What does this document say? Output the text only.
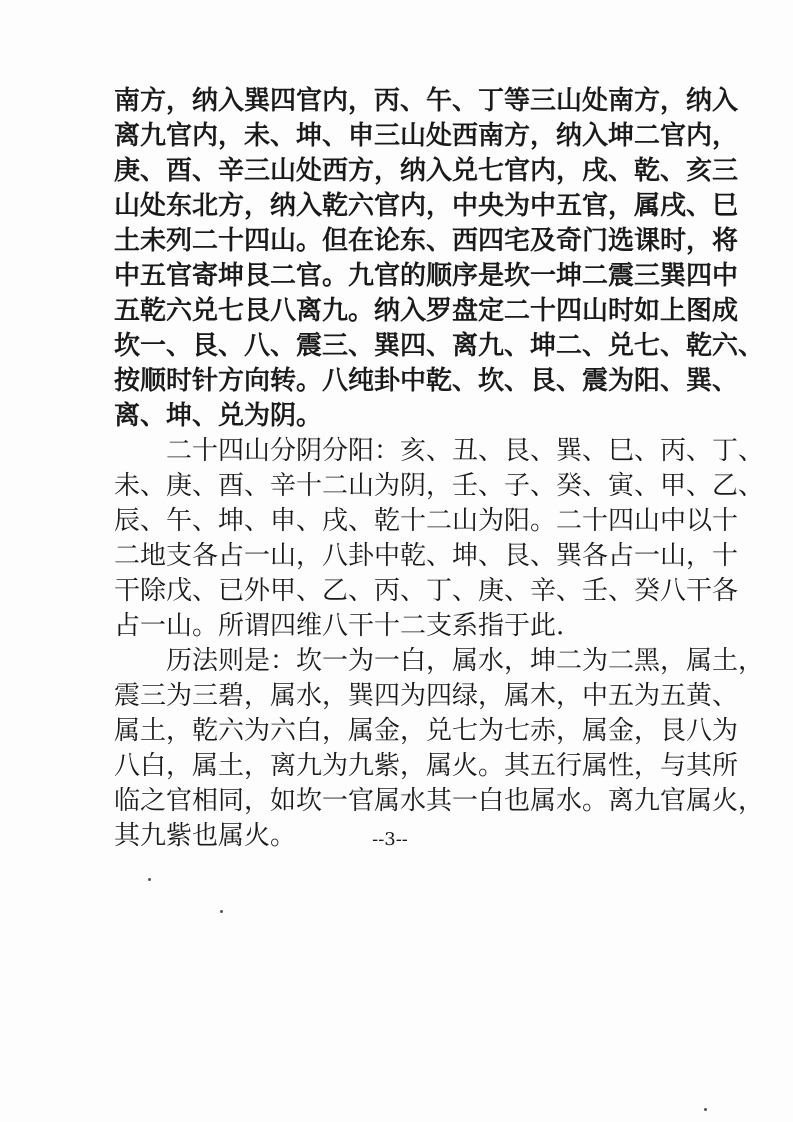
南方，纳入巽四官内，丙、午、丁等三山处南方，纳入

离九官内，未、坤、申三山处西南方，纳入坤二官内，

庚、酉、辛三山处西方，纳入兑七官内，戌、乾、亥三

山处东北方，纳入乾六官内，中央为中五官，属戌、巳

土未列二十四山。但在论东、西四宅及奇门选课时，将

中五官寄坤艮二官。九官的顺序是坎一坤二震三巽四中

五乾六兑七艮八离九。纳入罗盘定二十四山时如上图成

坎一、艮、八、震三、巽四、离九、坤二、兑七、乾六、

按顺时针方向转。八纯卦中乾、坎、艮、震为阳、巽、

离、坤、兑为阴。

　　二十四山分阴分阳：亥、丑、艮、巽、巳、丙、丁、

未、庚、酉、辛十二山为阴，壬、子、癸、寅、甲、乙、

辰、午、坤、申、戌、乾十二山为阳。二十四山中以十

二地支各占一山，八卦中乾、坤、艮、巽各占一山，十

干除戊、已外甲、乙、丙、丁、庚、辛、壬、癸八干各

占一山。所谓四维八干十二支系指于此.

　　历法则是：坎一为一白，属水，坤二为二黑，属土，

震三为三碧，属水，巽四为四绿，属木，中五为五黄、

属土，乾六为六白，属金，兑七为七赤，属金，艮八为

八白，属土，离九为九紫，属火。其五行属性，与其所

临之官相同，如坎一官属水其一白也属水。离九官属火，

其九紫也属火。	--3--
